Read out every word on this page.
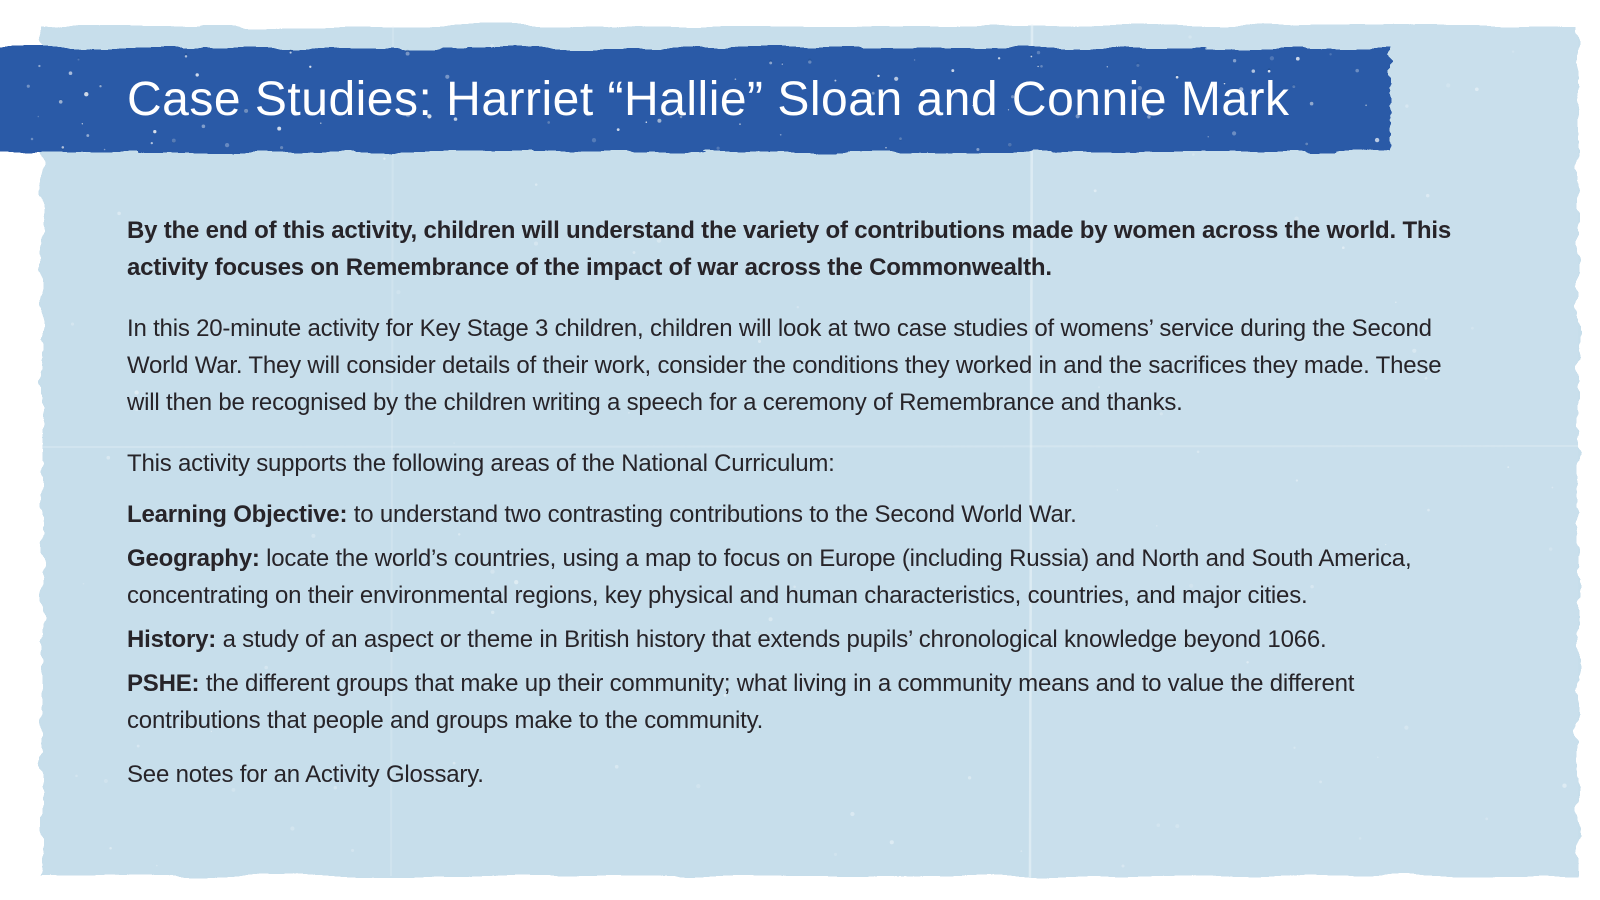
Case Studies: Harriet “Hallie” Sloan and Connie Mark

By the end of this activity, children will understand the variety of contributions made by women across the world. This activity focuses on Remembrance of the impact of war across the Commonwealth.

In this 20-minute activity for Key Stage 3 children, children will look at two case studies of womens’ service during the Second World War. They will consider details of their work, consider the conditions they worked in and the sacrifices they made. These will then be recognised by the children writing a speech for a ceremony of Remembrance and thanks.

This activity supports the following areas of the National Curriculum:

Learning Objective: to understand two contrasting contributions to the Second World War.

Geography: locate the world’s countries, using a map to focus on Europe (including Russia) and North and South America, concentrating on their environmental regions, key physical and human characteristics, countries, and major cities.

History: a study of an aspect or theme in British history that extends pupils’ chronological knowledge beyond 1066.

PSHE: the different groups that make up their community; what living in a community means and to value the different contributions that people and groups make to the community.

See notes for an Activity Glossary.
